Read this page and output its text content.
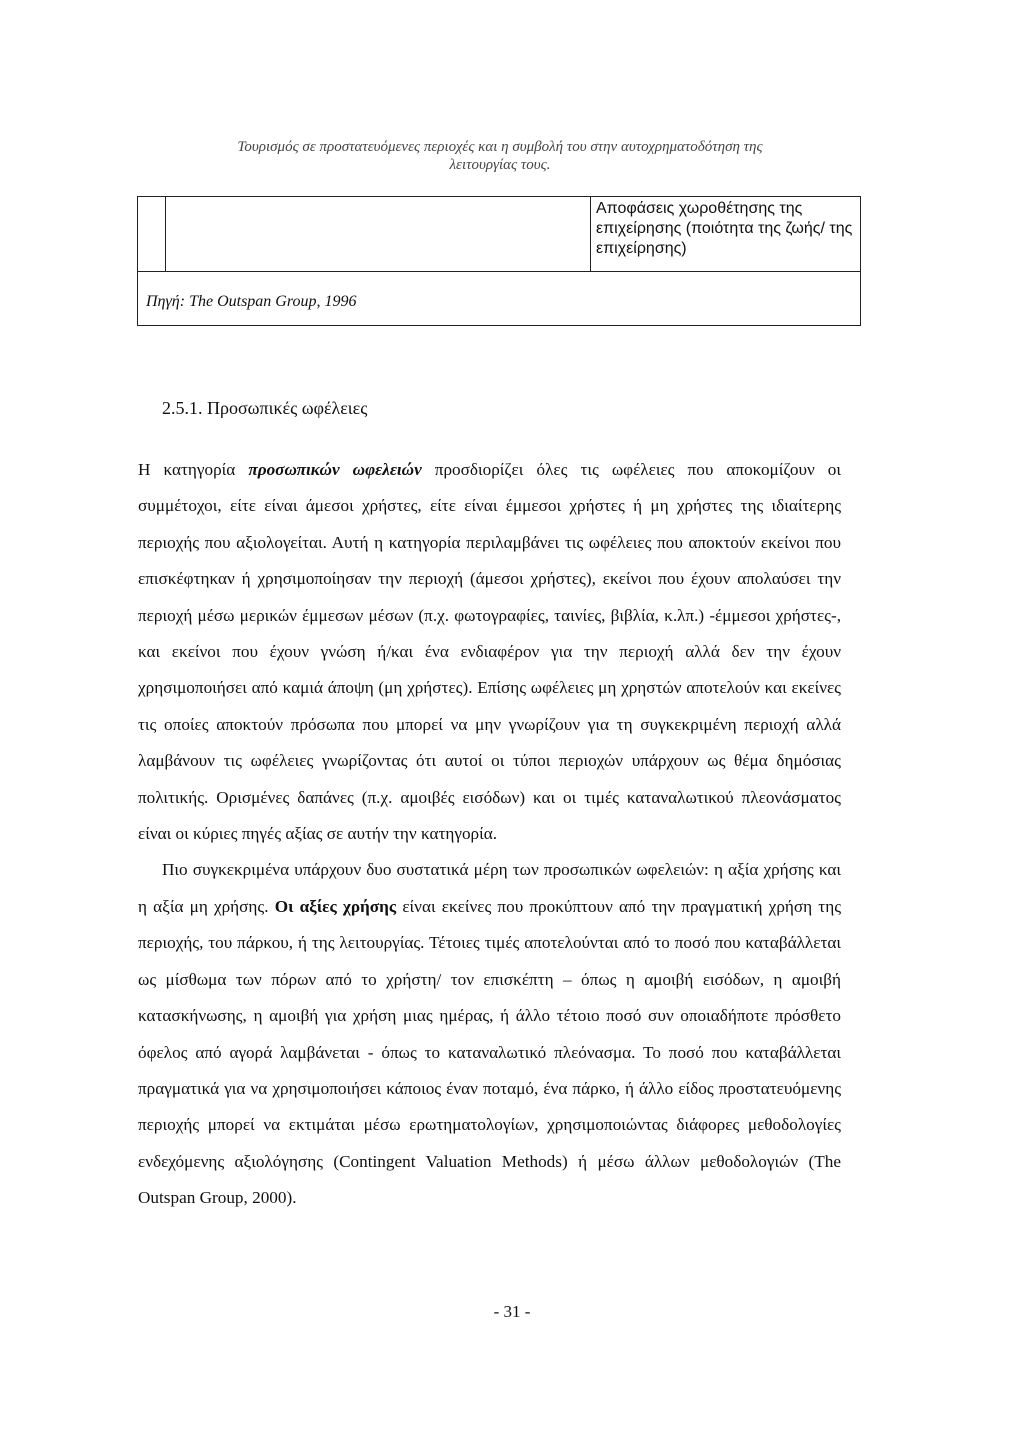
Τουρισμός σε προστατευόμενες περιοχές και η συμβολή του στην αυτοχρηματοδότηση της
λειτουργίας τους.
Αποφάσεις χωροθέτησης της επιχείρησης (ποιότητα της ζωής/ της επιχείρησης)
Πηγή: The Outspan Group, 1996
2.5.1. Προσωπικές ωφέλειες

Η κατηγορία προσωπικών ωφελειών προσδιορίζει όλες τις ωφέλειες που αποκομίζουν οι συμμέτοχοι, είτε είναι άμεσοι χρήστες, είτε είναι έμμεσοι χρήστες ή μη χρήστες της ιδιαίτερης περιοχής που αξιολογείται. Αυτή η κατηγορία περιλαμβάνει τις ωφέλειες που αποκτούν εκείνοι που επισκέφτηκαν ή χρησιμοποίησαν την περιοχή (άμεσοι χρήστες), εκείνοι που έχουν απολαύσει την περιοχή μέσω μερικών έμμεσων μέσων (π.χ. φωτογραφίες, ταινίες, βιβλία, κ.λπ.) -έμμεσοι χρήστες-, και εκείνοι που έχουν γνώση ή/και ένα ενδιαφέρον για την περιοχή αλλά δεν την έχουν χρησιμοποιήσει από καμιά άποψη (μη χρήστες). Επίσης ωφέλειες μη χρηστών αποτελούν και εκείνες τις οποίες αποκτούν πρόσωπα που μπορεί να μην γνωρίζουν για τη συγκεκριμένη περιοχή αλλά λαμβάνουν τις ωφέλειες γνωρίζοντας ότι αυτοί οι τύποι περιοχών υπάρχουν ως θέμα δημόσιας πολιτικής. Ορισμένες δαπάνες (π.χ. αμοιβές εισόδων) και οι τιμές καταναλωτικού πλεονάσματος είναι οι κύριες πηγές αξίας σε αυτήν την κατηγορία.

Πιο συγκεκριμένα υπάρχουν δυο συστατικά μέρη των προσωπικών ωφελειών: η αξία χρήσης και η αξία μη χρήσης. Οι αξίες χρήσης είναι εκείνες που προκύπτουν από την πραγματική χρήση της περιοχής, του πάρκου, ή της λειτουργίας. Τέτοιες τιμές αποτελούνται από το ποσό που καταβάλλεται ως μίσθωμα των πόρων από το χρήστη/ τον επισκέπτη – όπως η αμοιβή εισόδων, η αμοιβή κατασκήνωσης, η αμοιβή για χρήση μιας ημέρας, ή άλλο τέτοιο ποσό συν οποιαδήποτε πρόσθετο όφελος από αγορά λαμβάνεται - όπως το καταναλωτικό πλεόνασμα. Το ποσό που καταβάλλεται πραγματικά για να χρησιμοποιήσει κάποιος έναν ποταμό, ένα πάρκο, ή άλλο είδος προστατευόμενης περιοχής μπορεί να εκτιμάται μέσω ερωτηματολογίων, χρησιμοποιώντας διάφορες μεθοδολογίες ενδεχόμενης αξιολόγησης (Contingent Valuation Methods) ή μέσω άλλων μεθοδολογιών (The Outspan Group, 2000).

- 31 -
